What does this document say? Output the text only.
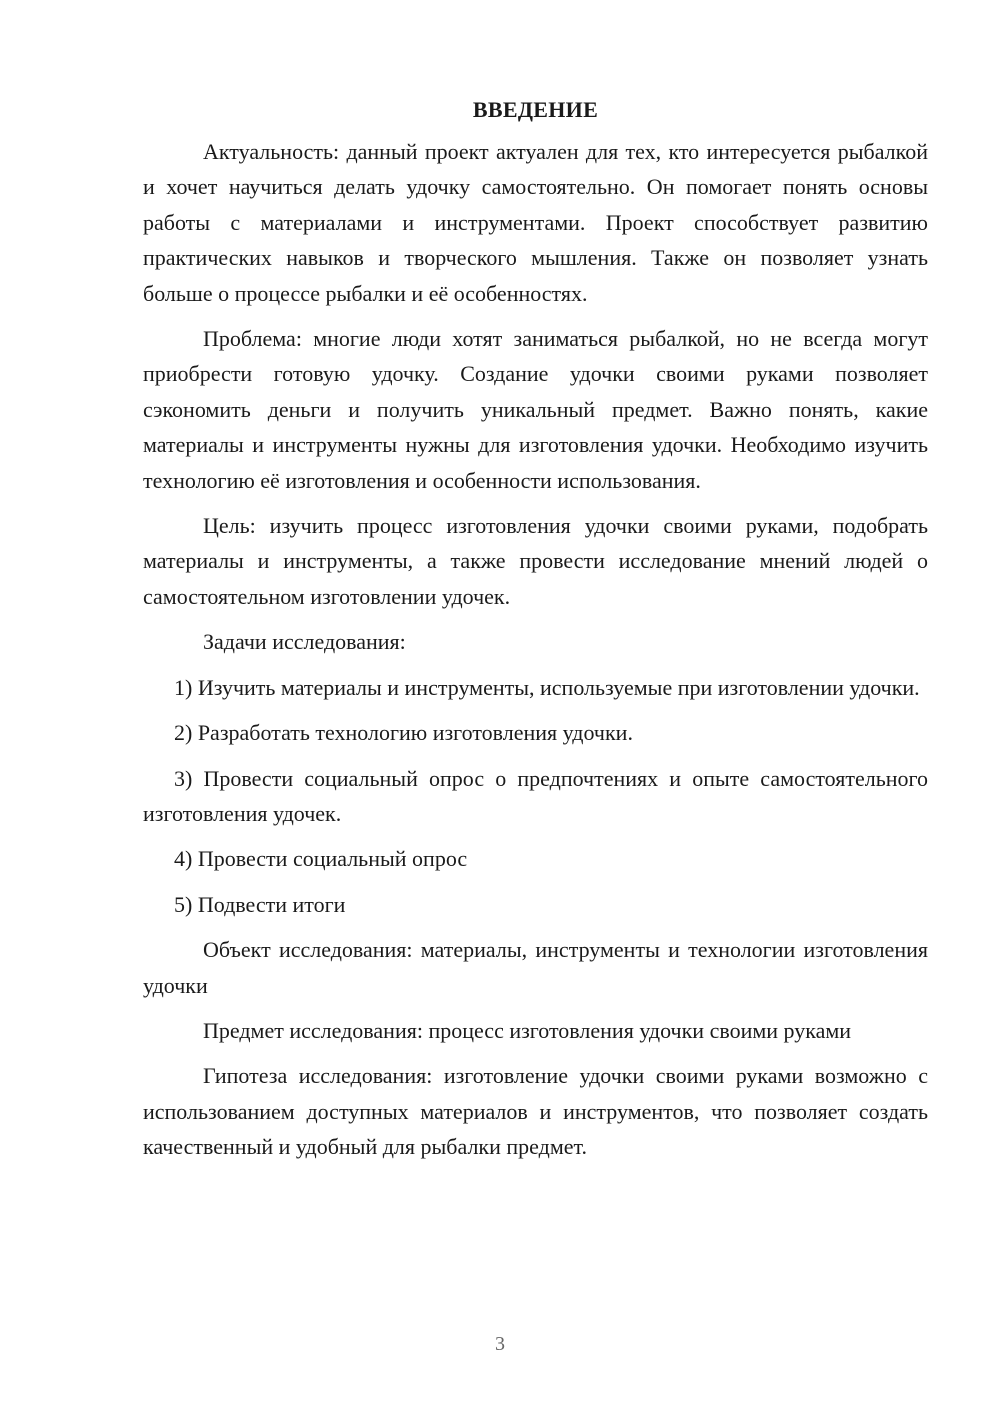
ВВЕДЕНИЕ

Актуальность: данный проект актуален для тех, кто интересуется рыбалкой и хочет научиться делать удочку самостоятельно. Он помогает понять основы работы с материалами и инструментами. Проект способствует развитию практических навыков и творческого мышления. Также он позволяет узнать больше о процессе рыбалки и её особенностях.

Проблема: многие люди хотят заниматься рыбалкой, но не всегда могут приобрести готовую удочку. Создание удочки своими руками позволяет сэкономить деньги и получить уникальный предмет. Важно понять, какие материалы и инструменты нужны для изготовления удочки. Необходимо изучить технологию её изготовления и особенности использования.

Цель: изучить процесс изготовления удочки своими руками, подобрать материалы и инструменты, а также провести исследование мнений людей о самостоятельном изготовлении удочек.

Задачи исследования:

1) Изучить материалы и инструменты, используемые при изготовлении удочки.

2) Разработать технологию изготовления удочки.

3) Провести социальный опрос о предпочтениях и опыте самостоятельного изготовления удочек.

4) Провести социальный опрос

5) Подвести итоги

Объект исследования: материалы, инструменты и технологии изготовления удочки

Предмет исследования: процесс изготовления удочки своими руками

Гипотеза исследования: изготовление удочки своими руками возможно с использованием доступных материалов и инструментов, что позволяет создать качественный и удобный для рыбалки предмет.

3
